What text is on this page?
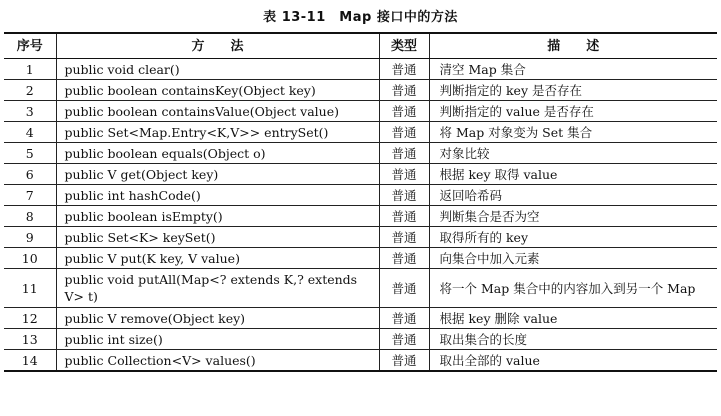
表 13-11　Map 接口中的方法
序号	方　　法	类型	描　　述
1	public void clear()	普通	清空 Map 集合
2	public boolean containsKey(Object key)	普通	判断指定的 key 是否存在
3	public boolean containsValue(Object value)	普通	判断指定的 value 是否存在
4	public Set<Map.Entry<K,V>> entrySet()	普通	将 Map 对象变为 Set 集合
5	public boolean equals(Object o)	普通	对象比较
6	public V get(Object key)	普通	根据 key 取得 value
7	public int hashCode()	普通	返回哈希码
8	public boolean isEmpty()	普通	判断集合是否为空
9	public Set<K> keySet()	普通	取得所有的 key
10	public V put(K key, V value)	普通	向集合中加入元素
11	public void putAll(Map<? extends K,? extends V> t)	普通	将一个 Map 集合中的内容加入到另一个 Map
12	public V remove(Object key)	普通	根据 key 删除 value
13	public int size()	普通	取出集合的长度
14	public Collection<V> values()	普通	取出全部的 value
